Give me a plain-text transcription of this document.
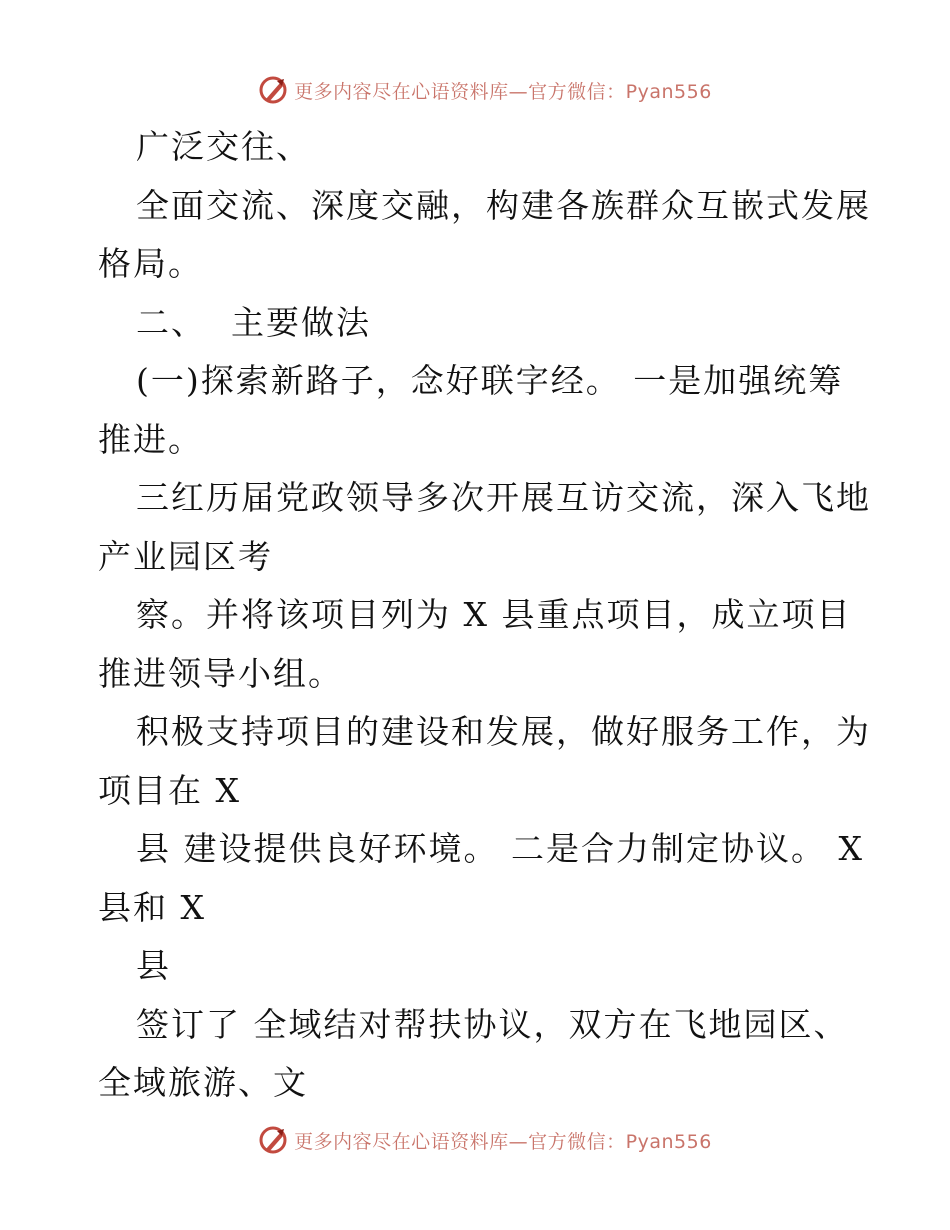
更多内容尽在心语资料库—官方微信：Pyan556
广泛交往、
全面交流、深度交融，构建各族群众互嵌式发展
格局。
二、  主要做法
(一)探索新路子，念好联字经。 一是加强统筹
推进。
三红历届党政领导多次开展互访交流，深入飞地
产业园区考
察。并将该项目列为 X 县重点项目，成立项目
推进领导小组。
积极支持项目的建设和发展，做好服务工作，为
项目在 X
县 建设提供良好环境。 二是合力制定协议。 X
县和 X
县
签订了 全域结对帮扶协议，双方在飞地园区、
全域旅游、文
更多内容尽在心语资料库—官方微信：Pyan556
